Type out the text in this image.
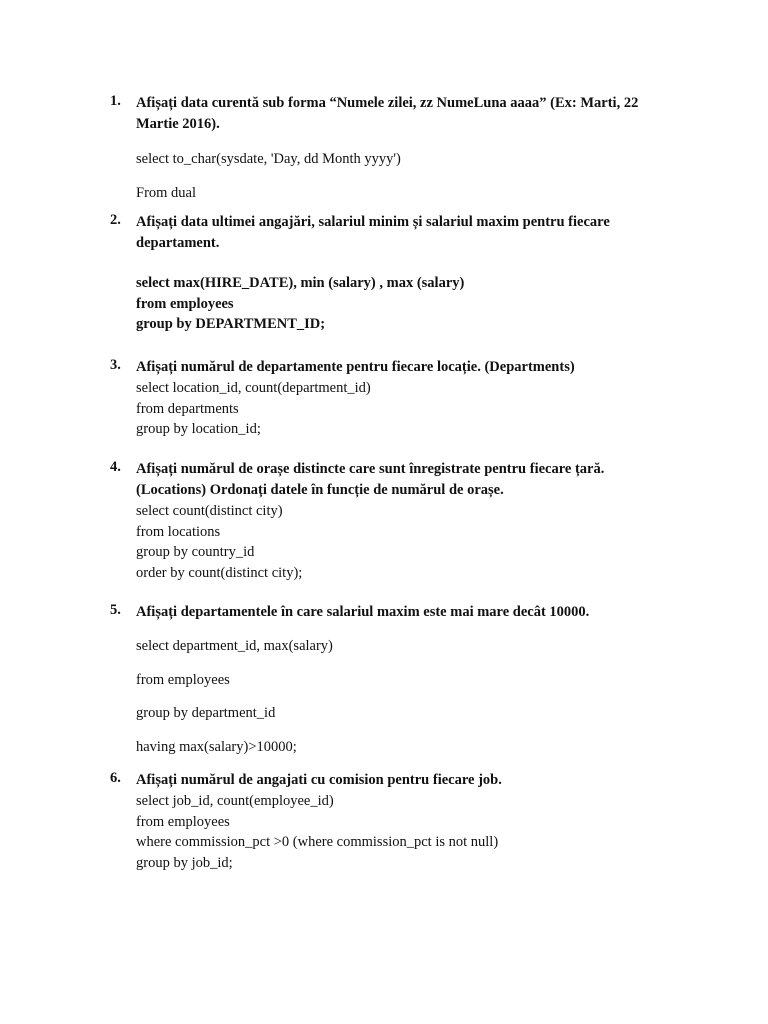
1.	Afișați data curentă sub forma “Numele zilei, zz NumeLuna aaaa” (Ex: Marti, 22 Martie 2016).
select to_char(sysdate, 'Day, dd Month yyyy')
From dual
2.	Afișați data ultimei angajări, salariul minim și salariul maxim pentru fiecare departament.
select max(HIRE_DATE), min (salary) , max (salary)
from employees
group by DEPARTMENT_ID;
3.	Afișați numărul de departamente pentru fiecare locație. (Departments)
select location_id, count(department_id)
from departments
group by location_id;
4.	Afișați numărul de orașe distincte care sunt înregistrate pentru fiecare țară. (Locations) Ordonați datele în funcție de numărul de orașe.
select count(distinct city)
from locations
group by country_id
order by count(distinct city);
5.	Afișați departamentele în care salariul maxim este mai mare decât 10000.
select department_id, max(salary)
from employees
group by department_id
having max(salary)>10000;
6.	Afișați numărul de angajati cu comision pentru fiecare job.
select job_id, count(employee_id)
from employees
where commission_pct >0 (where commission_pct is not null)
group by job_id;
